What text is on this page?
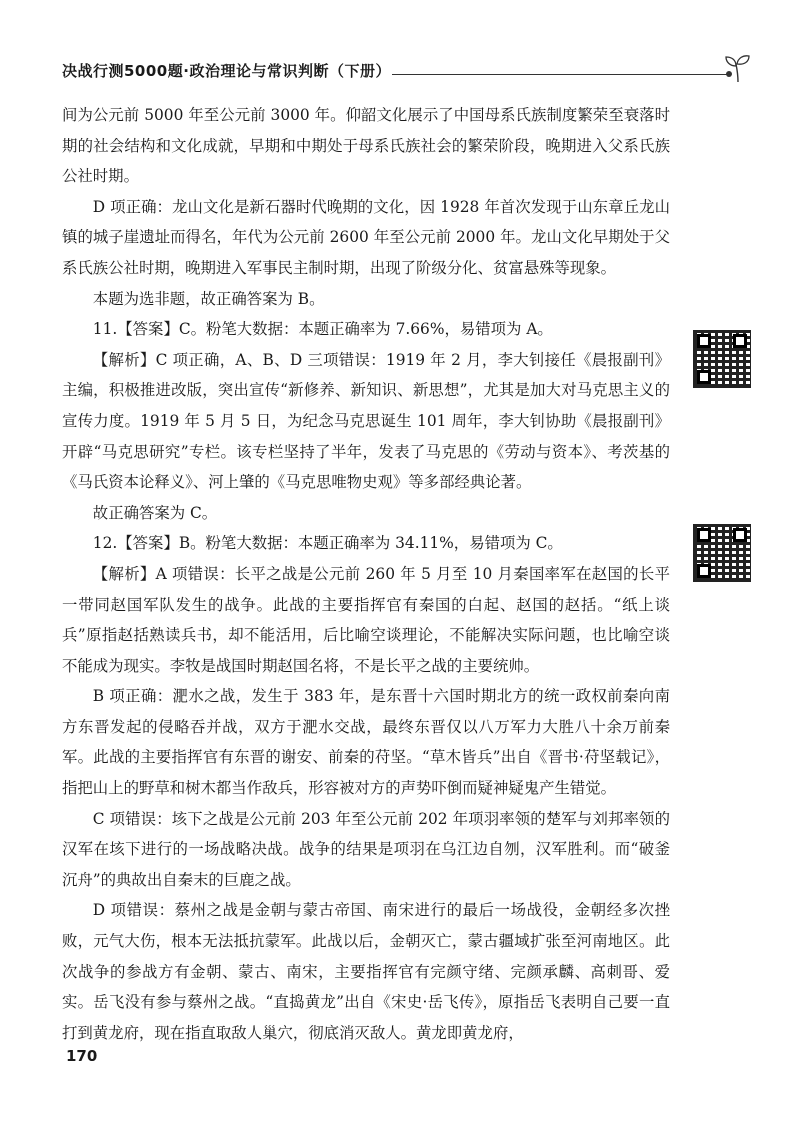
决战行测5000题·政治理论与常识判断（下册）

间为公元前 5000 年至公元前 3000 年。仰韶文化展示了中国母系氏族制度繁荣至衰落时期的社会结构和文化成就，早期和中期处于母系氏族社会的繁荣阶段，晚期进入父系氏族公社时期。

D 项正确：龙山文化是新石器时代晚期的文化，因 1928 年首次发现于山东章丘龙山镇的城子崖遗址而得名，年代为公元前 2600 年至公元前 2000 年。龙山文化早期处于父系氏族公社时期，晚期进入军事民主制时期，出现了阶级分化、贫富悬殊等现象。

本题为选非题，故正确答案为 B。

11.【答案】C。粉笔大数据：本题正确率为 7.66%，易错项为 A。

【解析】C 项正确，A、B、D 三项错误：1919 年 2 月，李大钊接任《晨报副刊》主编，积极推进改版，突出宣传“新修养、新知识、新思想”，尤其是加大对马克思主义的宣传力度。1919 年 5 月 5 日，为纪念马克思诞生 101 周年，李大钊协助《晨报副刊》开辟“马克思研究”专栏。该专栏坚持了半年，发表了马克思的《劳动与资本》、考茨基的《马氏资本论释义》、河上肇的《马克思唯物史观》等多部经典论著。

故正确答案为 C。

12.【答案】B。粉笔大数据：本题正确率为 34.11%，易错项为 C。

【解析】A 项错误：长平之战是公元前 260 年 5 月至 10 月秦国率军在赵国的长平一带同赵国军队发生的战争。此战的主要指挥官有秦国的白起、赵国的赵括。“纸上谈兵”原指赵括熟读兵书，却不能活用，后比喻空谈理论，不能解决实际问题，也比喻空谈不能成为现实。李牧是战国时期赵国名将，不是长平之战的主要统帅。

B 项正确：淝水之战，发生于 383 年，是东晋十六国时期北方的统一政权前秦向南方东晋发起的侵略吞并战，双方于淝水交战，最终东晋仅以八万军力大胜八十余万前秦军。此战的主要指挥官有东晋的谢安、前秦的苻坚。“草木皆兵”出自《晋书·苻坚载记》，指把山上的野草和树木都当作敌兵，形容被对方的声势吓倒而疑神疑鬼产生错觉。

C 项错误：垓下之战是公元前 203 年至公元前 202 年项羽率领的楚军与刘邦率领的汉军在垓下进行的一场战略决战。战争的结果是项羽在乌江边自刎，汉军胜利。而“破釜沉舟”的典故出自秦末的巨鹿之战。

D 项错误：蔡州之战是金朝与蒙古帝国、南宋进行的最后一场战役，金朝经多次挫败，元气大伤，根本无法抵抗蒙军。此战以后，金朝灭亡，蒙古疆域扩张至河南地区。此次战争的参战方有金朝、蒙古、南宋，主要指挥官有完颜守绪、完颜承麟、高刺哥、爱实。岳飞没有参与蔡州之战。“直捣黄龙”出自《宋史·岳飞传》，原指岳飞表明自己要一直打到黄龙府，现在指直取敌人巢穴，彻底消灭敌人。黄龙即黄龙府，

170
